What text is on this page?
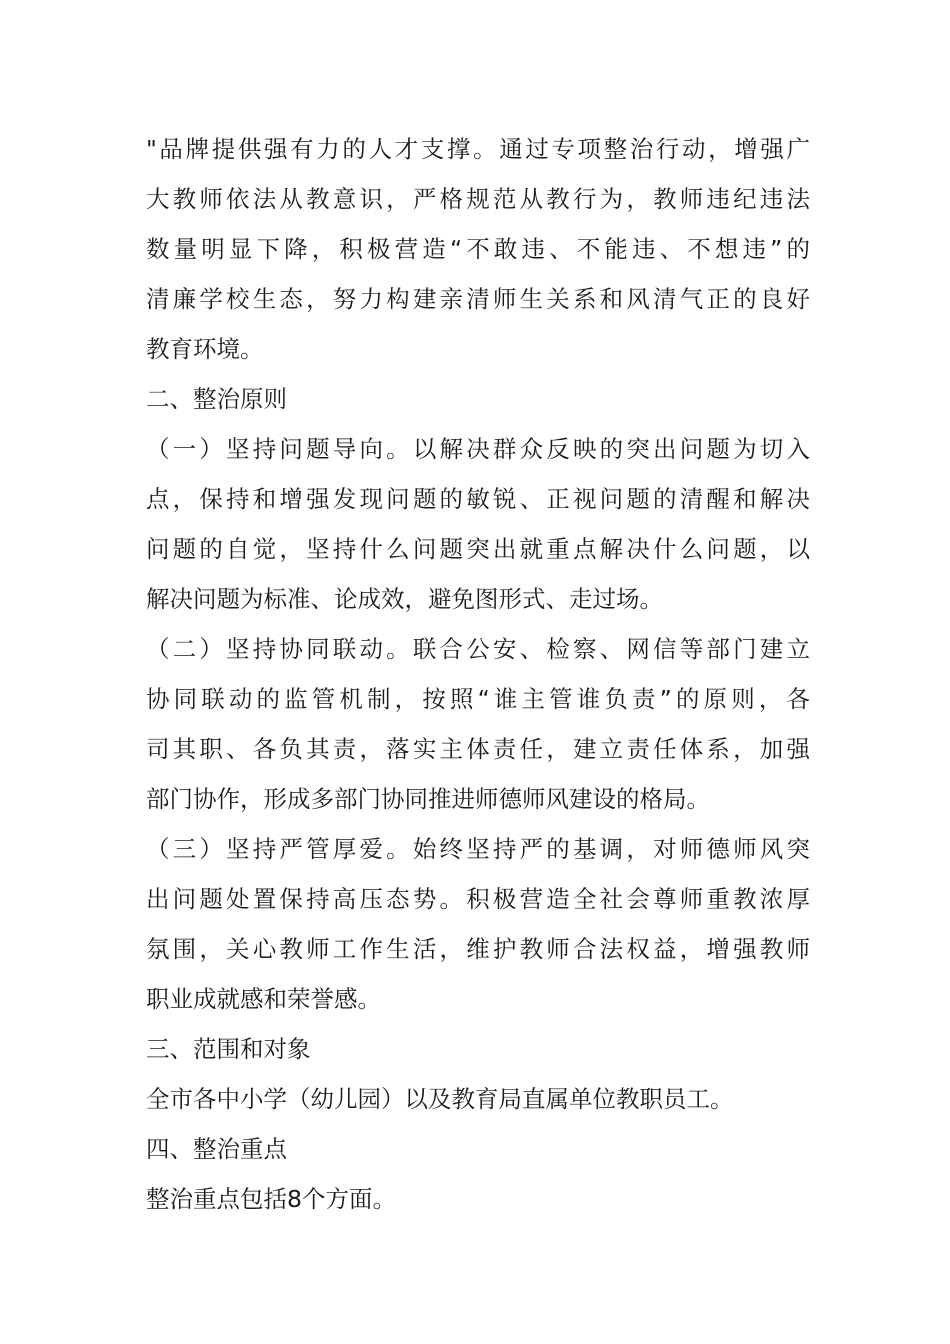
"品牌提供强有力的人才支撑。通过专项整治行动，增强广
大教师依法从教意识，严格规范从教行为，教师违纪违法
数量明显下降，积极营造“不敢违、不能违、不想违”的
清廉学校生态，努力构建亲清师生关系和风清气正的良好
教育环境。
二、整治原则
（一）坚持问题导向。以解决群众反映的突出问题为切入
点，保持和增强发现问题的敏锐、正视问题的清醒和解决
问题的自觉，坚持什么问题突出就重点解决什么问题，以
解决问题为标准、论成效，避免图形式、走过场。
（二）坚持协同联动。联合公安、检察、网信等部门建立
协同联动的监管机制，按照“谁主管谁负责”的原则，各
司其职、各负其责，落实主体责任，建立责任体系，加强
部门协作，形成多部门协同推进师德师风建设的格局。
（三）坚持严管厚爱。始终坚持严的基调，对师德师风突
出问题处置保持高压态势。积极营造全社会尊师重教浓厚
氛围，关心教师工作生活，维护教师合法权益，增强教师
职业成就感和荣誉感。
三、范围和对象
全市各中小学（幼儿园）以及教育局直属单位教职员工。
四、整治重点
整治重点包括8个方面。
